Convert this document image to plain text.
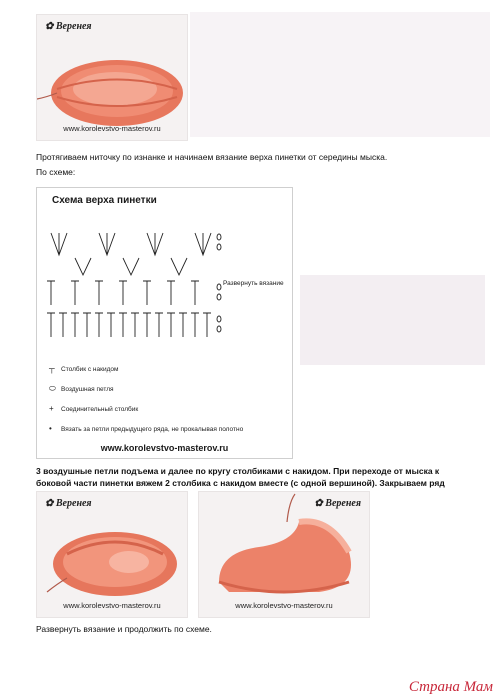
✿ Веренея
www.korolevstvo-masterov.ru
Протягиваем ниточку по изнанке и начинаем вязание верха пинетки от середины мыска.
По схеме:
Схема верха пинетки
Развернуть вязание
┬ Столбик с накидом
⬭ Воздушная петля
+ Соединительный столбик
• Вязать за петли предыдущего ряда, не прокалывая полотно
www.korolevstvo-masterov.ru
3 воздушные петли подъема и далее по кругу столбиками с накидом. При переходе от мыска к боковой части пинетки вяжем 2 столбика с накидом вместе (с одной вершиной). Закрываем ряд
✿ Веренея
www.korolevstvo-masterov.ru
✿ Веренея
www.korolevstvo-masterov.ru
Развернуть вязание и продолжить по схеме.
Страна Мам
